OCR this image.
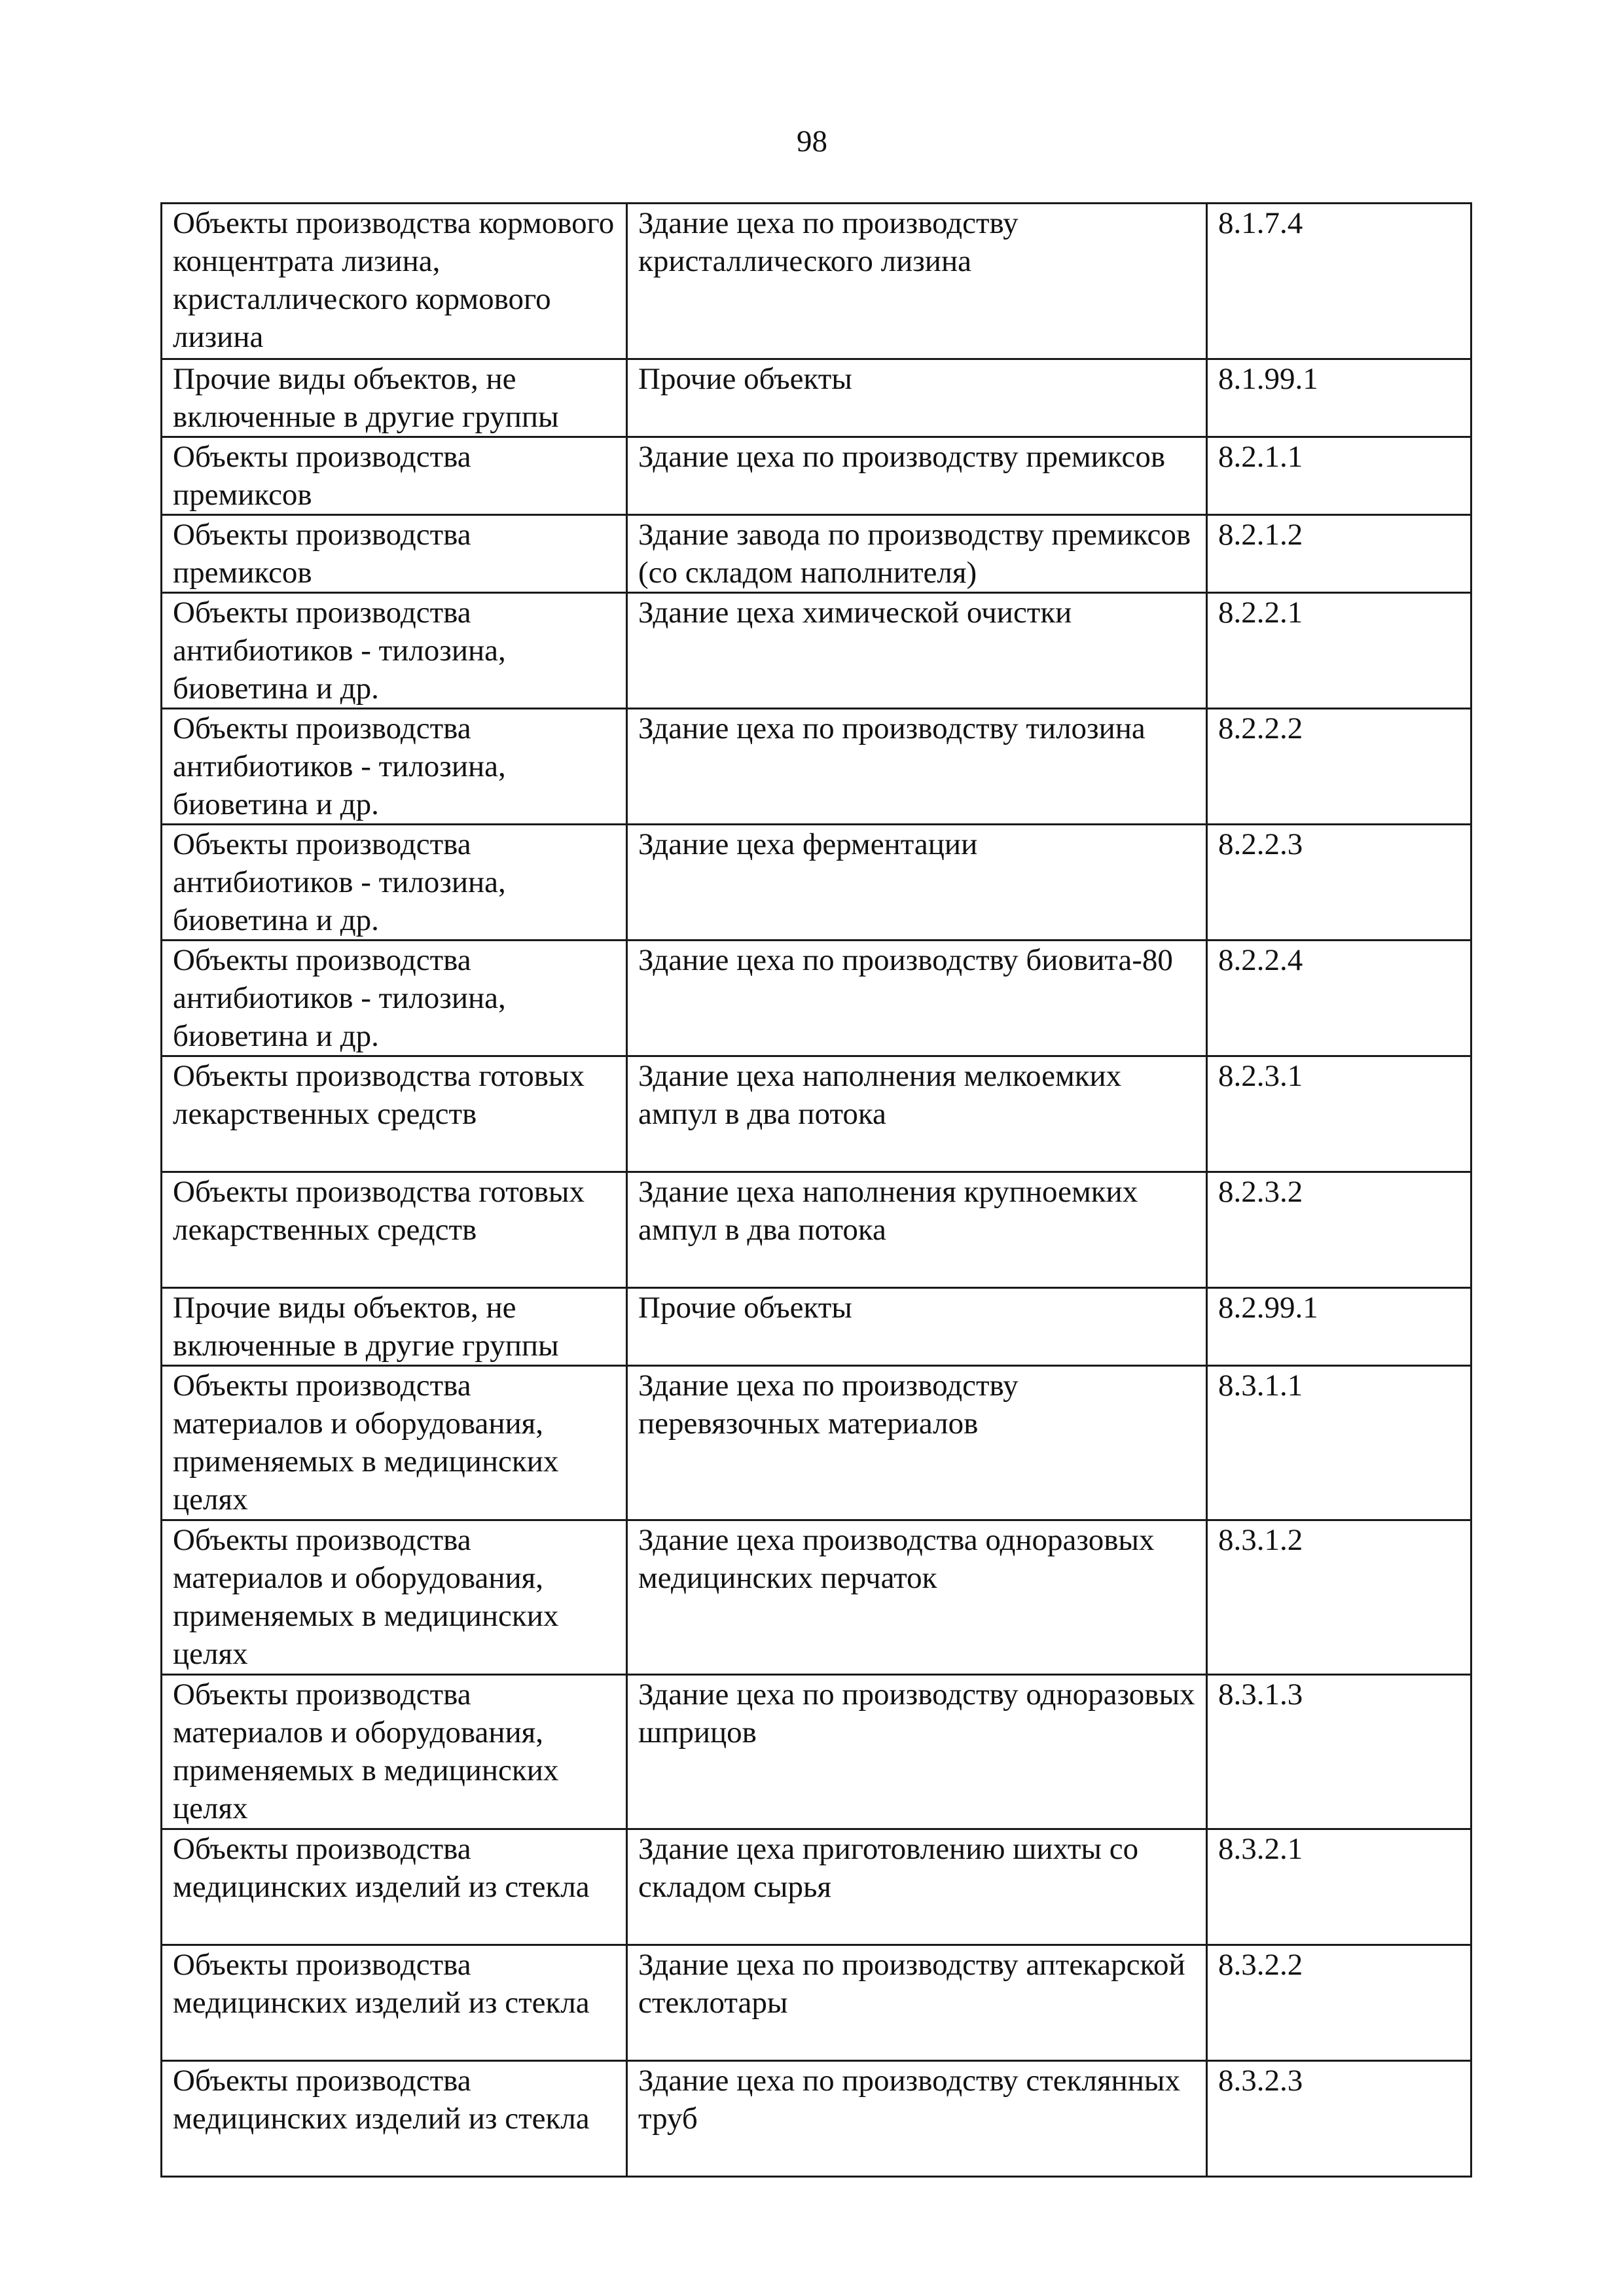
98
Объекты производства кормового концентрата лизина, кристаллического кормового лизина	Здание цеха по производству кристаллического лизина	8.1.7.4
Прочие виды объектов, не включенные в другие группы	Прочие объекты	8.1.99.1
Объекты производства премиксов	Здание цеха по производству премиксов	8.2.1.1
Объекты производства премиксов	Здание завода по производству премиксов (со складом наполнителя)	8.2.1.2
Объекты производства антибиотиков - тилозина, биоветина и др.	Здание цеха химической очистки	8.2.2.1
Объекты производства антибиотиков - тилозина, биоветина и др.	Здание цеха по производству тилозина	8.2.2.2
Объекты производства антибиотиков - тилозина, биоветина и др.	Здание цеха ферментации	8.2.2.3
Объекты производства антибиотиков - тилозина, биоветина и др.	Здание цеха по производству биовита-80	8.2.2.4
Объекты производства готовых лекарственных средств	Здание цеха наполнения мелкоемких ампул в два потока	8.2.3.1
Объекты производства готовых лекарственных средств	Здание цеха наполнения крупноемких ампул в два потока	8.2.3.2
Прочие виды объектов, не включенные в другие группы	Прочие объекты	8.2.99.1
Объекты производства материалов и оборудования, применяемых в медицинских целях	Здание цеха по производству перевязочных материалов	8.3.1.1
Объекты производства материалов и оборудования, применяемых в медицинских целях	Здание цеха производства одноразовых медицинских перчаток	8.3.1.2
Объекты производства материалов и оборудования, применяемых в медицинских целях	Здание цеха по производству одноразовых шприцов	8.3.1.3
Объекты производства медицинских изделий из стекла	Здание цеха приготовлению шихты со складом сырья	8.3.2.1
Объекты производства медицинских изделий из стекла	Здание цеха по производству аптекарской стеклотары	8.3.2.2
Объекты производства медицинских изделий из стекла	Здание цеха по производству стеклянных труб	8.3.2.3
